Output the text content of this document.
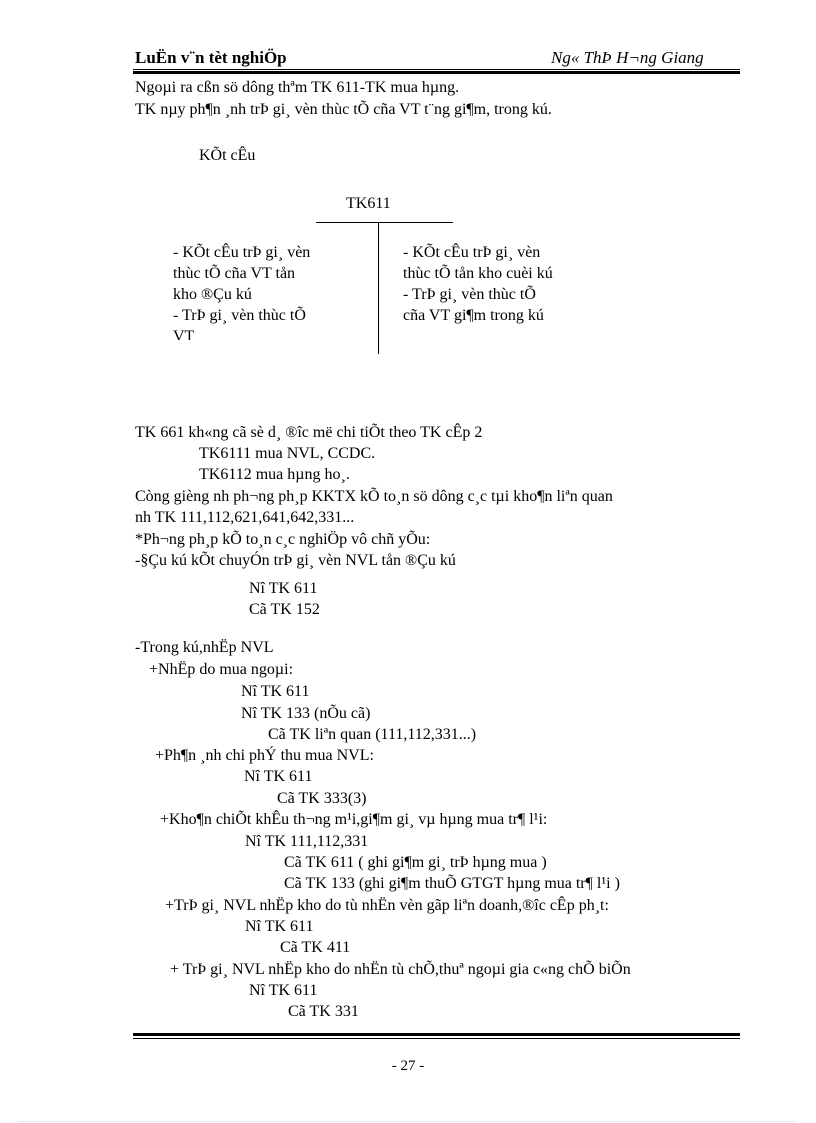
LuËn v¨n tèt nghiÖp	Ng« ThÞ H¬ng Giang
Ngoµi ra cßn sö dông thªm TK 611-TK mua hµng.
TK nµy ph¶n ¸nh trÞ gi¸ vèn thùc tÕ cña VT t¨ng gi¶m, trong kú.
KÕt cÊu
TK611
- KÕt cÊu trÞ gi¸ vèn
thùc tÕ cña VT tån
kho ®Çu kú
- TrÞ gi¸ vèn thùc tÕ
VT
- KÕt cÊu trÞ gi¸ vèn
thùc tÕ tån kho cuèi kú
- TrÞ gi¸ vèn thùc tÕ
cña VT gi¶m trong kú
TK 661 kh«ng cã sè d¸ ®îc më chi tiÕt theo TK cÊp 2
TK6111 mua NVL, CCDC.
TK6112 mua hµng ho¸.
Còng gièng nh ph¬ng ph¸p KKTX kÕ to¸n sö dông c¸c tµi kho¶n liªn quan
nh TK 111,112,621,641,642,331...
*Ph¬ng ph¸p kÕ to¸n c¸c nghiÖp vô chñ yÕu:
-§Çu kú kÕt chuyÓn trÞ gi¸ vèn NVL tån ®Çu kú
Nî TK 611
Cã TK 152
-Trong kú,nhËp NVL
+NhËp do mua ngoµi:
Nî TK 611
Nî TK 133 (nÕu cã)
Cã TK liªn quan (111,112,331...)
+Ph¶n ¸nh chi phÝ thu mua NVL:
Nî TK 611
Cã TK 333(3)
+Kho¶n chiÕt khÊu th¬ng m¹i,gi¶m gi¸ vµ hµng mua tr¶ l¹i:
Nî TK 111,112,331
Cã TK 611 ( ghi gi¶m gi¸ trÞ hµng mua )
Cã TK 133 (ghi gi¶m thuÕ GTGT hµng mua tr¶ l¹i )
+TrÞ gi¸ NVL nhËp kho do tù nhËn vèn gãp liªn doanh,®îc cÊp ph¸t:
Nî TK 611
Cã TK 411
+ TrÞ gi¸ NVL nhËp kho do nhËn tù chÕ,thuª ngoµi gia c«ng chÕ biÕn
Nî TK 611
Cã TK 331
- 27 -
